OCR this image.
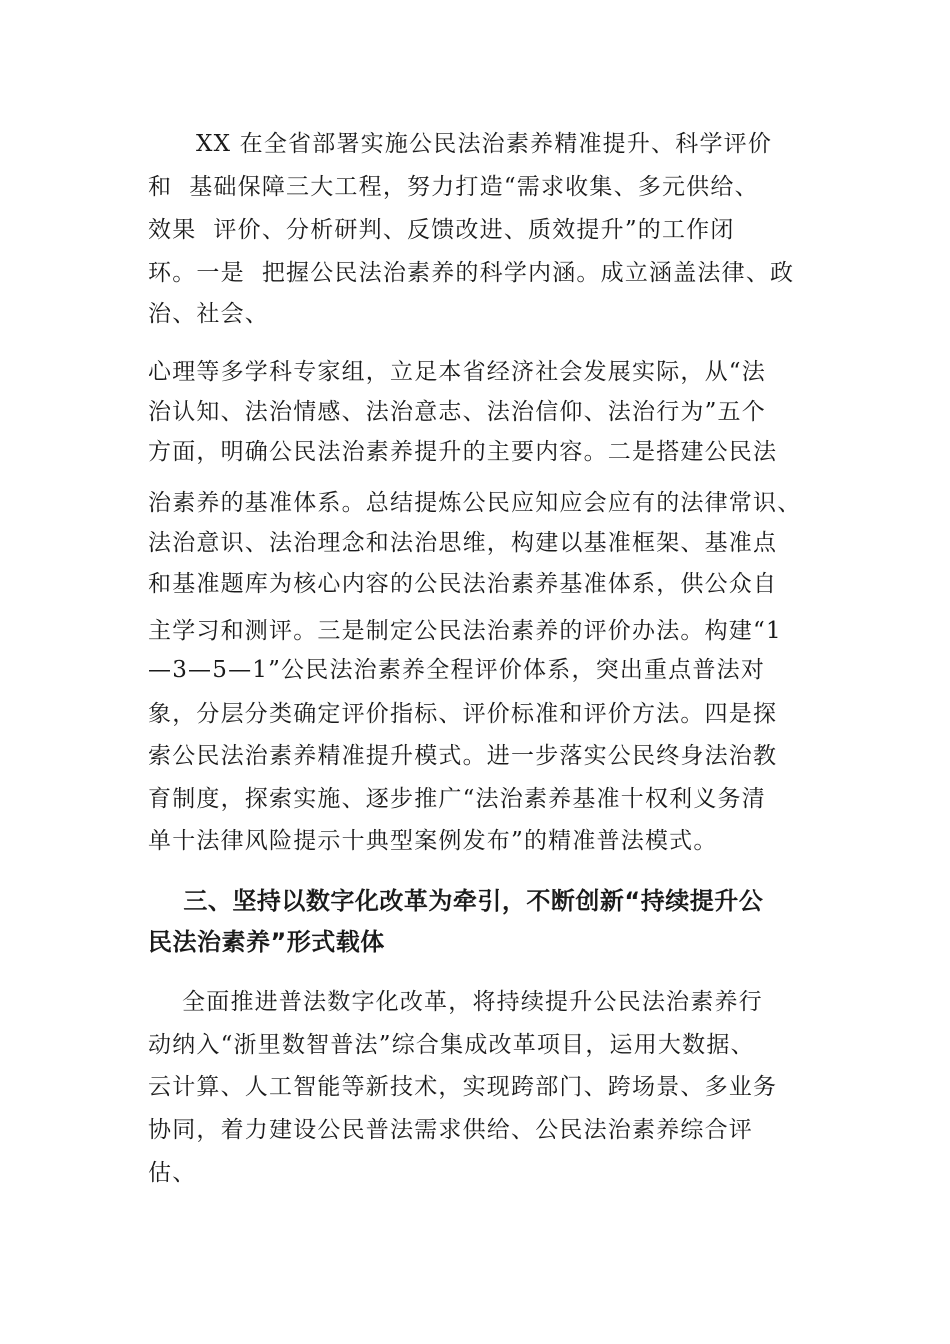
XX 在全省部署实施公民法治素养精准提升、科学评价
和  基础保障三大工程，努力打造“需求收集、多元供给、
效果  评价、分析研判、反馈改进、质效提升”的工作闭
环。一是  把握公民法治素养的科学内涵。成立涵盖法律、政
治、社会、
心理等多学科专家组，立足本省经济社会发展实际，从“法
治认知、法治情感、法治意志、法治信仰、法治行为”五个
方面，明确公民法治素养提升的主要内容。二是搭建公民法
治素养的基准体系。总结提炼公民应知应会应有的法律常识、
法治意识、法治理念和法治思维，构建以基准框架、基准点
和基准题库为核心内容的公民法治素养基准体系，供公众自
主学习和测评。三是制定公民法治素养的评价办法。构建“1
—3—5—1”公民法治素养全程评价体系，突出重点普法对
象，分层分类确定评价指标、评价标准和评价方法。四是探
索公民法治素养精准提升模式。进一步落实公民终身法治教
育制度，探索实施、逐步推广“法治素养基准十权利义务清
单十法律风险提示十典型案例发布”的精准普法模式。
三、坚持以数字化改革为牵引，不断创新“持续提升公
民法治素养”形式载体
全面推进普法数字化改革，将持续提升公民法治素养行
动纳入“浙里数智普法”综合集成改革项目，运用大数据、
云计算、人工智能等新技术，实现跨部门、跨场景、多业务
协同，着力建设公民普法需求供给、公民法治素养综合评
估、
